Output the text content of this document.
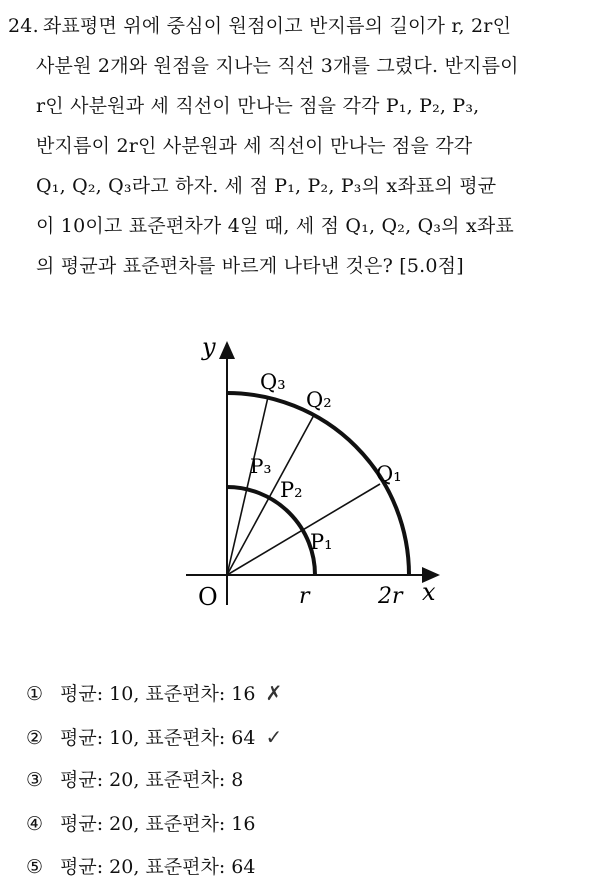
24. 좌표평면 위에 중심이 원점이고 반지름의 길이가 r, 2r인
사분원 2개와 원점을 지나는 직선 3개를 그렸다. 반지름이
r인 사분원과 세 직선이 만나는 점을 각각 P₁, P₂, P₃,
반지름이 2r인 사분원과 세 직선이 만나는 점을 각각
Q₁, Q₂, Q₃라고 하자. 세 점 P₁, P₂, P₃의 x좌표의 평균
이 10이고 표준편차가 4일 때, 세 점 Q₁, Q₂, Q₃의 x좌표
의 평균과 표준편차를 바르게 나타낸 것은? [5.0점]
y
x
O	r	2r
Q₃
Q₂
Q₁
P₃
P₂
P₁
① 평균: 10, 표준편차: 16 ✗
② 평균: 10, 표준편차: 64 ✓
③ 평균: 20, 표준편차: 8
④ 평균: 20, 표준편차: 16
⑤ 평균: 20, 표준편차: 64
